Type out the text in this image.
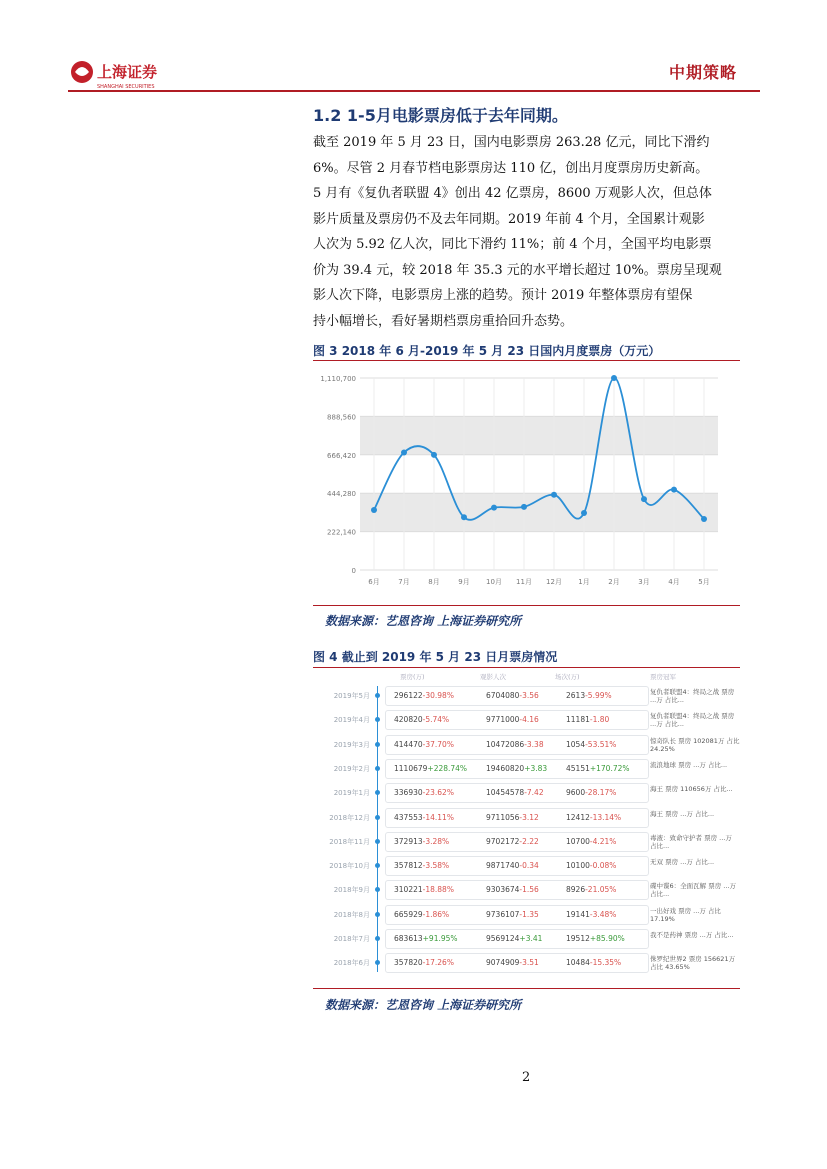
上海证券
SHANGHAI SECURITIES
中期策略
1.2 1-5月电影票房低于去年同期。

截至 2019 年 5 月 23 日，国内电影票房 263.28 亿元，同比下滑约

6%。尽管 2 月春节档电影票房达 110 亿，创出月度票房历史新高。

5 月有《复仇者联盟 4》创出 42 亿票房，8600 万观影人次，但总体

影片质量及票房仍不及去年同期。2019 年前 4 个月，全国累计观影

人次为 5.92 亿人次，同比下滑约 11%；前 4 个月，全国平均电影票

价为 39.4 元，较 2018 年 35.3 元的水平增长超过 10%。票房呈现观

影人次下降，电影票房上涨的趋势。预计 2019 年整体票房有望保

持小幅增长，看好暑期档票房重拾回升态势。

图 3 2018 年 6 月-2019 年 5 月 23 日国内月度票房（万元）
0
222,140
444,280
666,420
888,560
1,110,700
6月	7月	8月	9月 10月 11月 12月 1月	2月	3月	4月	5月
数据来源：艺恩咨询 上海证券研究所
图 4 截止到 2019 年 5 月 23 日月票房情况
票房(万)	观影人次	场次(万)	票房冠军
2019年5月	296122-30.98%	6704080-3.56	2613-5.99%	复仇者联盟4：终局之战 票房 ...万 占比...
2019年4月	420820-5.74%	9771000-4.16	11181-1.80	复仇者联盟4：终局之战 票房 ...万 占比...
2019年3月	414470-37.70%	10472086-3.38	1054-53.51%	惊奇队长 票房 102081万 占比 24.25%
2019年2月	1110679+228.74%	19460820+3.83	45151+170.72%	流浪地球 票房 ...万 占比...
2019年1月	336930-23.62%	10454578-7.42	9600-28.17%	海王 票房 110656万 占比...
2018年12月	437553-14.11%	9711056-3.12	12412-13.14%	海王 票房 ...万 占比...
2018年11月	372913-3.28%	9702172-2.22	10700-4.21%	毒液：致命守护者 票房 ...万 占比...
2018年10月	357812-3.58%	9871740-0.34	10100-0.08%	无双 票房 ...万 占比...
2018年9月	310221-18.88%	9303674-1.56	8926-21.05%	碟中谍6：全面瓦解 票房 ...万 占比...
2018年8月	665929-1.86%	9736107-1.35	19141-3.48%	一出好戏 票房 ...万 占比 17.19%
2018年7月	683613+91.95%	9569124+3.41	19512+85.90%	我不是药神 票房 ...万 占比...
2018年6月	357820-17.26%	9074909-3.51	10484-15.35%	侏罗纪世界2 票房 156621万 占比 43.65%
数据来源：艺恩咨询 上海证券研究所
2
